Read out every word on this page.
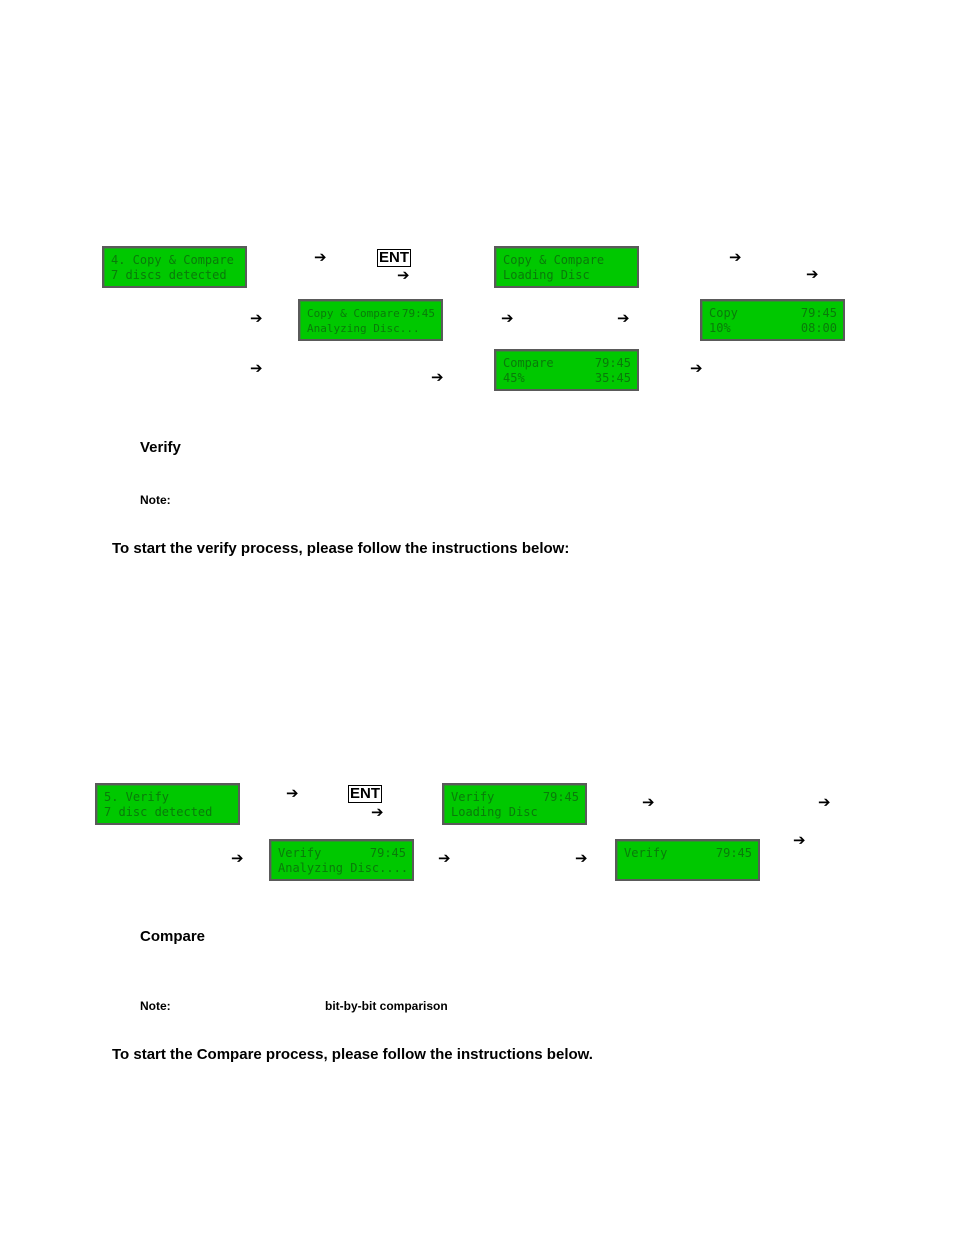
4. Copy & Compare
7 discs detected
➔	ENT
➔
Copy & Compare
Loading Disc
➔
➔
➔	Copy & Compare 79:45
Analyzing Disc...
➔	➔	Copy	79:45
10%	08:00
➔	➔
Compare	79:45
45%	35:45
➔
Verify
Note:
To start the verify process, please follow the instructions below:
5. Verify
7 disc detected
➔	ENT
➔
Verify	79:45
Loading Disc
➔	➔
➔
➔	Verify	79:45
Analyzing Disc....
➔	➔	Verify	79:45
Compare
Note:	bit-by-bit comparison
To start the Compare process, please follow the instructions below.
